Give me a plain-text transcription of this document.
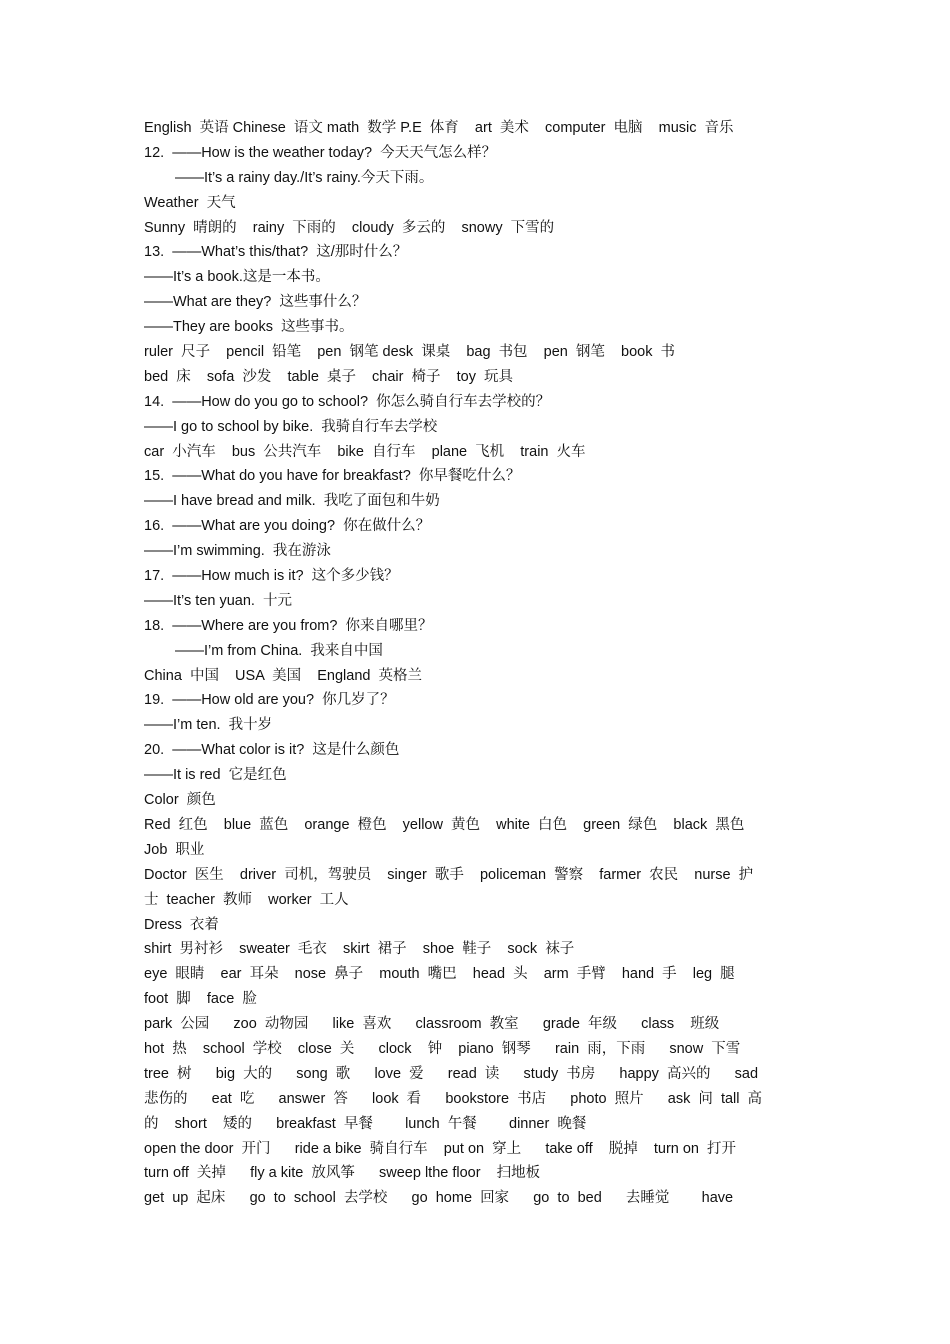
English  英语 Chinese  语文 math  数学 P.E  体育    art  美术    computer  电脑    music  音乐
12.  ——How is the weather today?  今天天气怎么样？
——It’s a rainy day./It’s rainy.今天下雨。
Weather  天气
Sunny  晴朗的    rainy  下雨的    cloudy  多云的    snowy  下雪的
13.  ——What’s this/that?  这/那时什么？
——It’s a book.这是一本书。
——What are they?  这些事什么？
——They are books  这些事书。
ruler  尺子    pencil  铅笔    pen  钢笔 desk  课桌    bag  书包    pen  钢笔    book  书
bed  床    sofa  沙发    table  桌子    chair  椅子    toy  玩具
14.  ——How do you go to school?  你怎么骑自行车去学校的？
——I go to school by bike.  我骑自行车去学校
car  小汽车    bus  公共汽车    bike  自行车    plane  飞机    train  火车
15.  ——What do you have for breakfast?  你早餐吃什么？
——I have bread and milk.  我吃了面包和牛奶
16.  ——What are you doing?  你在做什么？
——I’m swimming.  我在游泳
17.  ——How much is it?  这个多少钱？
——It’s ten yuan.  十元
18.  ——Where are you from?  你来自哪里？
——I’m from China.  我来自中国
China  中国    USA  美国    England  英格兰
19.  ——How old are you?  你几岁了？
——I’m ten.  我十岁
20.  ——What color is it?  这是什么颜色
——It is red  它是红色
Color  颜色
Red  红色    blue  蓝色    orange  橙色    yellow  黄色    white  白色    green  绿色    black  黑色
Job  职业
Doctor  医生    driver  司机，驾驶员    singer  歌手    policeman  警察    farmer  农民    nurse  护
士  teacher  教师    worker  工人
Dress  衣着
shirt  男衬衫    sweater  毛衣    skirt  裙子    shoe  鞋子    sock  袜子
eye  眼睛    ear  耳朵    nose  鼻子    mouth  嘴巴    head  头    arm  手臂    hand  手    leg  腿
foot  脚    face  脸
park  公园      zoo  动物园      like  喜欢      classroom  教室      grade  年级      class    班级
hot  热    school  学校    close  关      clock    钟    piano  钢琴      rain  雨，下雨      snow  下雪
tree  树      big  大的      song  歌      love  爱      read  读      study  书房      happy  高兴的      sad
悲伤的      eat  吃      answer  答      look  看      bookstore  书店      photo  照片      ask  问  tall  高
的    short    矮的      breakfast  早餐        lunch  午餐        dinner  晚餐
open the door  开门      ride a bike  骑自行车    put on  穿上      take off    脱掉    turn on  打开
turn off  关掉      fly a kite  放风筝      sweep lthe floor    扫地板
get  up  起床      go  to  school  去学校      go  home  回家      go  to  bed      去睡觉        have
